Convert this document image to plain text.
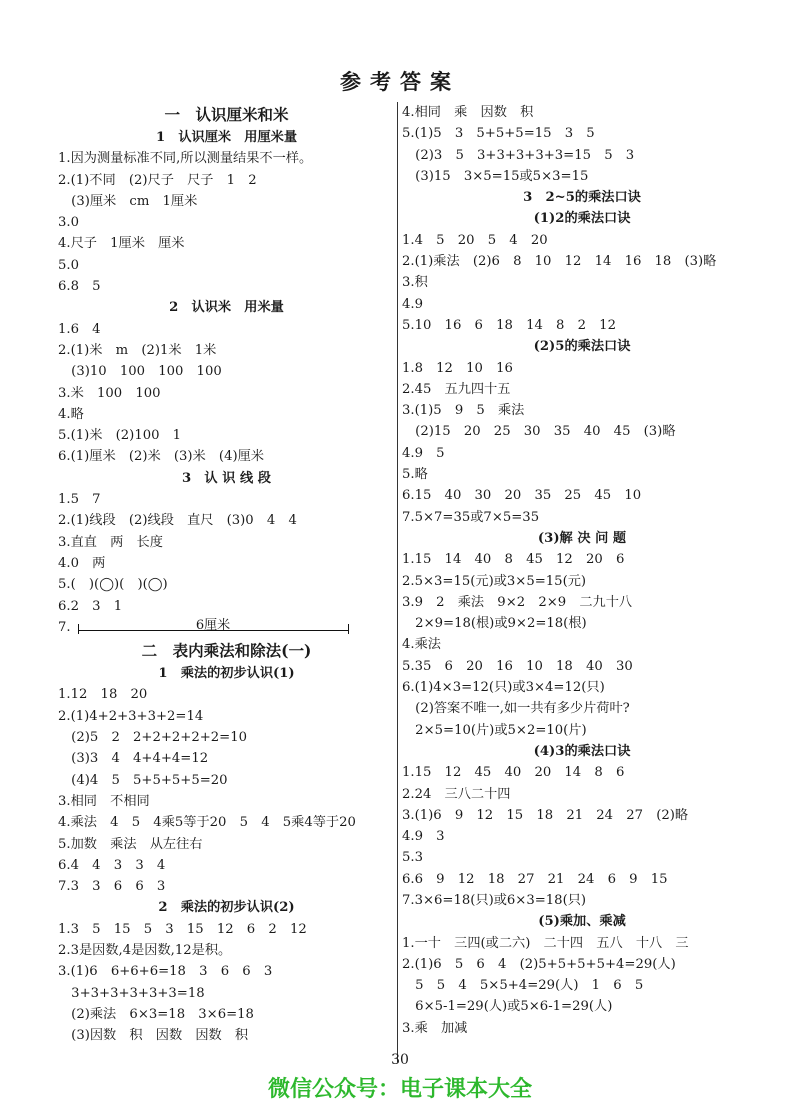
参考答案
一　认识厘米和米
1　认识厘米　用厘米量
1.因为测量标准不同,所以测量结果不一样。
2.(1)不同　(2)尺子　尺子　1　2
　(3)厘米　cm　1厘米
3.0
4.尺子　1厘米　厘米
5.0
6.8　5
2　认识米　用米量
1.6　4
2.(1)米　m　(2)1米　1米
　(3)10　100　100　100
3.米　100　100
4.略
5.(1)米　(2)100　1
6.(1)厘米　(2)米　(3)米　(4)厘米
3　认 识 线 段
1.5　7
2.(1)线段　(2)线段　直尺　(3)0　4　4
3.直直　两　长度
4.0　两
5.(　)(◯)(　)(◯)
6.2　3　1
7.	6厘米
二　表内乘法和除法(一)
1　乘法的初步认识(1)
1.12　18　20
2.(1)4+2+3+3+2=14
　(2)5　2　2+2+2+2+2=10
　(3)3　4　4+4+4=12
　(4)4　5　5+5+5+5=20
3.相同　不相同
4.乘法　4　5　4乘5等于20　5　4　5乘4等于20
5.加数　乘法　从左往右
6.4　4　3　3　4
7.3　3　6　6　3
2　乘法的初步认识(2)
1.3　5　15　5　3　15　12　6　2　12
2.3是因数,4是因数,12是积。
3.(1)6　6+6+6=18　3　6　6　3
　3+3+3+3+3+3=18
　(2)乘法　6×3=18　3×6=18
　(3)因数　积　因数　因数　积
4.相同　乘　因数　积
5.(1)5　3　5+5+5=15　3　5
　(2)3　5　3+3+3+3+3=15　5　3
　(3)15　3×5=15或5×3=15
3　2~5的乘法口诀
(1)2的乘法口诀
1.4　5　20　5　4　20
2.(1)乘法　(2)6　8　10　12　14　16　18　(3)略
3.积
4.9
5.10　16　6　18　14　8　2　12
(2)5的乘法口诀
1.8　12　10　16
2.45　五九四十五
3.(1)5　9　5　乘法
　(2)15　20　25　30　35　40　45　(3)略
4.9　5
5.略
6.15　40　30　20　35　25　45　10
7.5×7=35或7×5=35
(3)解 决 问 题
1.15　14　40　8　45　12　20　6
2.5×3=15(元)或3×5=15(元)
3.9　2　乘法　9×2　2×9　二九十八
　2×9=18(根)或9×2=18(根)
4.乘法
5.35　6　20　16　10　18　40　30
6.(1)4×3=12(只)或3×4=12(只)
　(2)答案不唯一,如一共有多少片荷叶?
　2×5=10(片)或5×2=10(片)
(4)3的乘法口诀
1.15　12　45　40　20　14　8　6
2.24　三八二十四
3.(1)6　9　12　15　18　21　24　27　(2)略
4.9　3
5.3
6.6　9　12　18　27　21　24　6　9　15
7.3×6=18(只)或6×3=18(只)
(5)乘加、乘减
1.一十　三四(或二六)　二十四　五八　十八　三
2.(1)6　5　6　4　(2)5+5+5+5+4=29(人)
　5　5　4　5×5+4=29(人)　1　6　5
　6×5-1=29(人)或5×6-1=29(人)
3.乘　加减
30
微信公众号：电子课本大全
